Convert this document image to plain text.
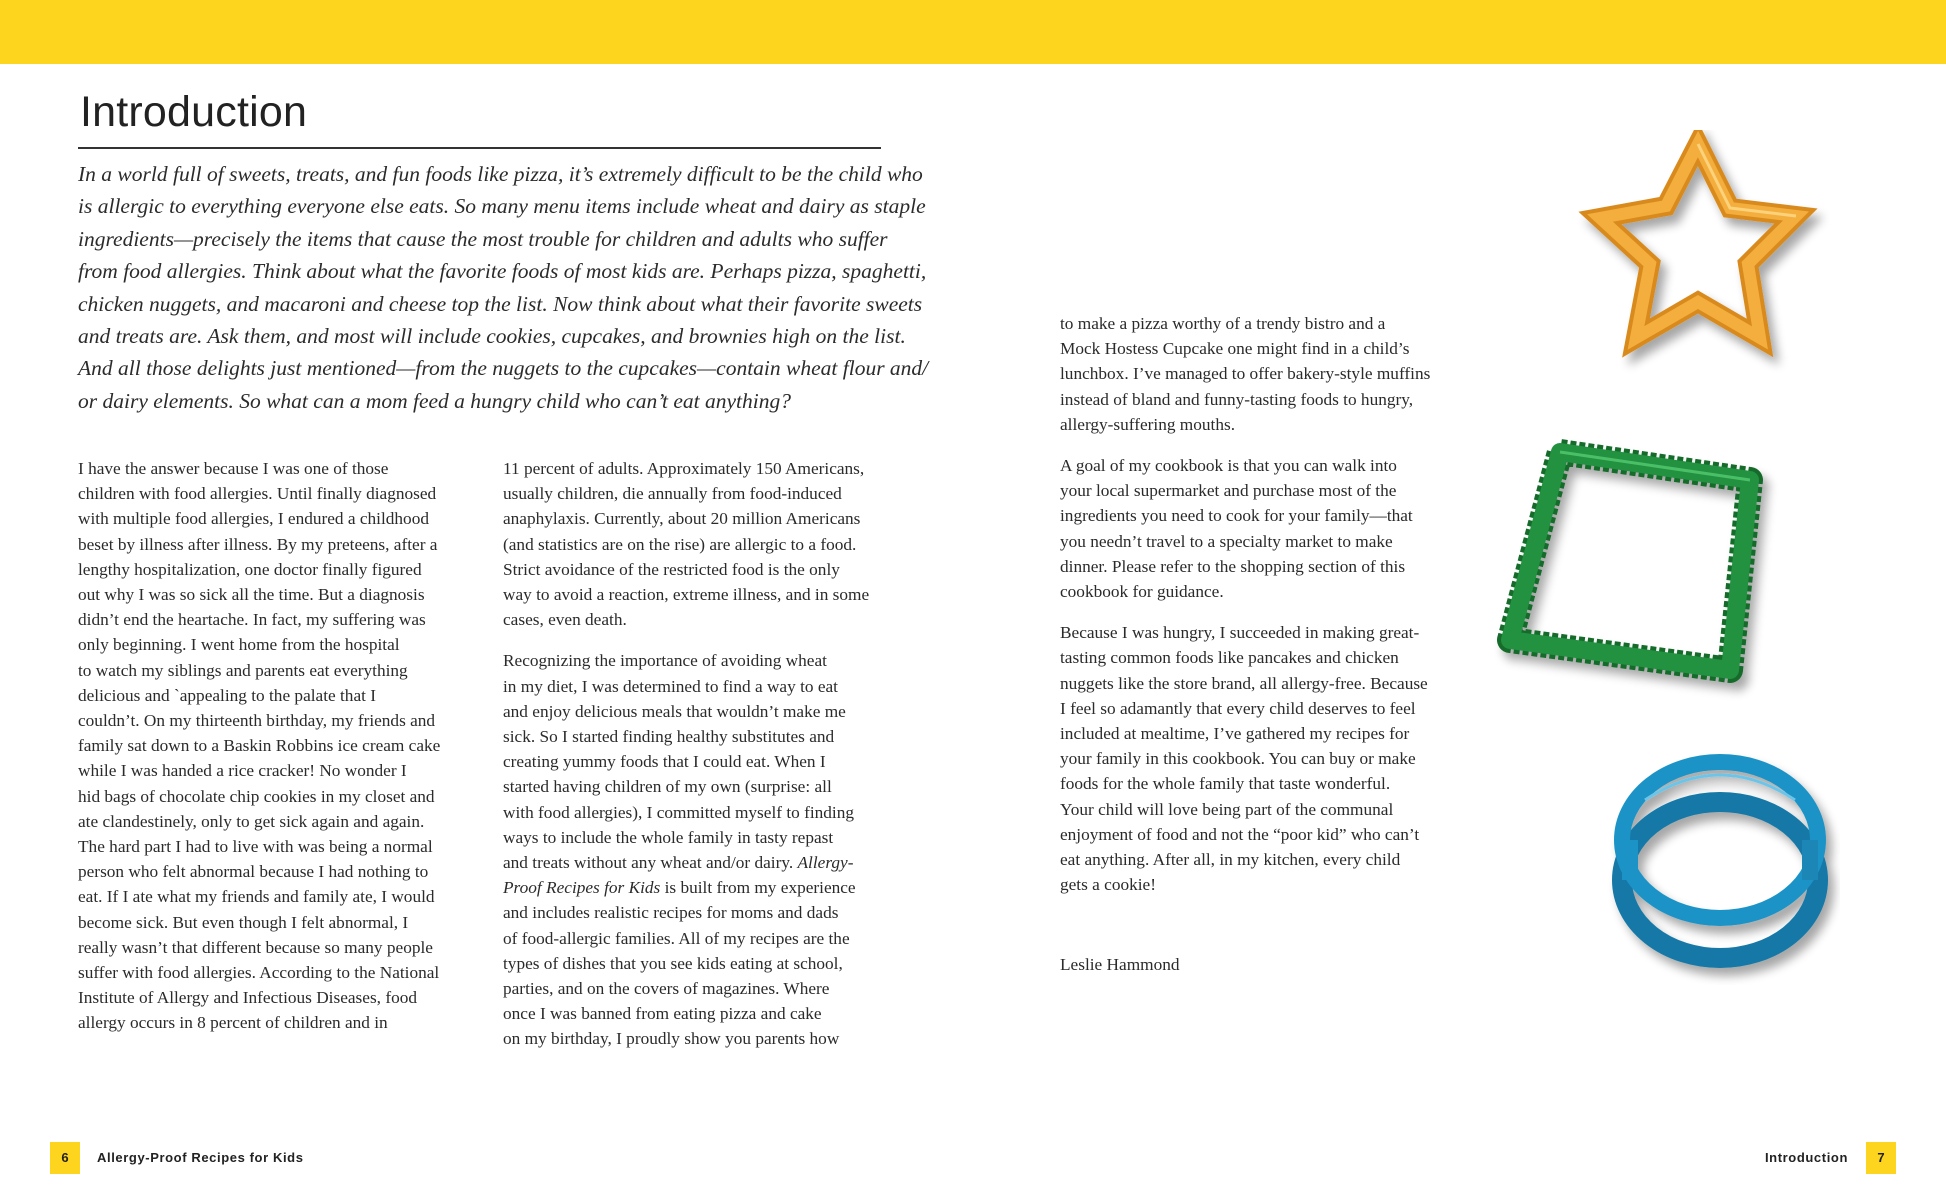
Introduction
In a world full of sweets, treats, and fun foods like pizza, it’s extremely difficult to be the child who
is allergic to everything everyone else eats. So many menu items include wheat and dairy as staple
ingredients—precisely the items that cause the most trouble for children and adults who suffer
from food allergies. Think about what the favorite foods of most kids are. Perhaps pizza, spaghetti,
chicken nuggets, and macaroni and cheese top the list. Now think about what their favorite sweets
and treats are. Ask them, and most will include cookies, cupcakes, and brownies high on the list.
And all those delights just mentioned—from the nuggets to the cupcakes—contain wheat flour and/
or dairy elements. So what can a mom feed a hungry child who can’t eat anything?
I have the answer because I was one of those
children with food allergies. Until finally diagnosed
with multiple food allergies, I endured a childhood
beset by illness after illness. By my preteens, after a
lengthy hospitalization, one doctor finally figured
out why I was so sick all the time. But a diagnosis
didn’t end the heartache. In fact, my suffering was
only beginning. I went home from the hospital
to watch my siblings and parents eat everything
delicious and `appealing to the palate that I
couldn’t. On my thirteenth birthday, my friends and
family sat down to a Baskin Robbins ice cream cake
while I was handed a rice cracker! No wonder I
hid bags of chocolate chip cookies in my closet and
ate clandestinely, only to get sick again and again.
The hard part I had to live with was being a normal
person who felt abnormal because I had nothing to
eat. If I ate what my friends and family ate, I would
become sick. But even though I felt abnormal, I
really wasn’t that different because so many people
suffer with food allergies. According to the National
Institute of Allergy and Infectious Diseases, food
allergy occurs in 8 percent of children and in
11 percent of adults. Approximately 150 Americans,
usually children, die annually from food-induced
anaphylaxis. Currently, about 20 million Americans
(and statistics are on the rise) are allergic to a food.
Strict avoidance of the restricted food is the only
way to avoid a reaction, extreme illness, and in some
cases, even death.
Recognizing the importance of avoiding wheat
in my diet, I was determined to find a way to eat
and enjoy delicious meals that wouldn’t make me
sick. So I started finding healthy substitutes and
creating yummy foods that I could eat. When I
started having children of my own (surprise: all
with food allergies), I committed myself to finding
ways to include the whole family in tasty repast
and treats without any wheat and/or dairy. Allergy-
Proof Recipes for Kids is built from my experience
and includes realistic recipes for moms and dads
of food-allergic families. All of my recipes are the
types of dishes that you see kids eating at school,
parties, and on the covers of magazines. Where
once I was banned from eating pizza and cake
on my birthday, I proudly show you parents how
to make a pizza worthy of a trendy bistro and a
Mock Hostess Cupcake one might find in a child’s
lunchbox. I’ve managed to offer bakery-style muffins
instead of bland and funny-tasting foods to hungry,
allergy-suffering mouths.
A goal of my cookbook is that you can walk into
your local supermarket and purchase most of the
ingredients you need to cook for your family—that
you needn’t travel to a specialty market to make
dinner. Please refer to the shopping section of this
cookbook for guidance.
Because I was hungry, I succeeded in making great-
tasting common foods like pancakes and chicken
nuggets like the store brand, all allergy-free. Because
I feel so adamantly that every child deserves to feel
included at mealtime, I’ve gathered my recipes for
your family in this cookbook. You can buy or make
foods for the whole family that taste wonderful.
Your child will love being part of the communal
enjoyment of food and not the “poor kid” who can’t
eat anything. After all, in my kitchen, every child
gets a cookie!
Leslie Hammond
6	Allergy-Proof Recipes for Kids	Introduction	7
